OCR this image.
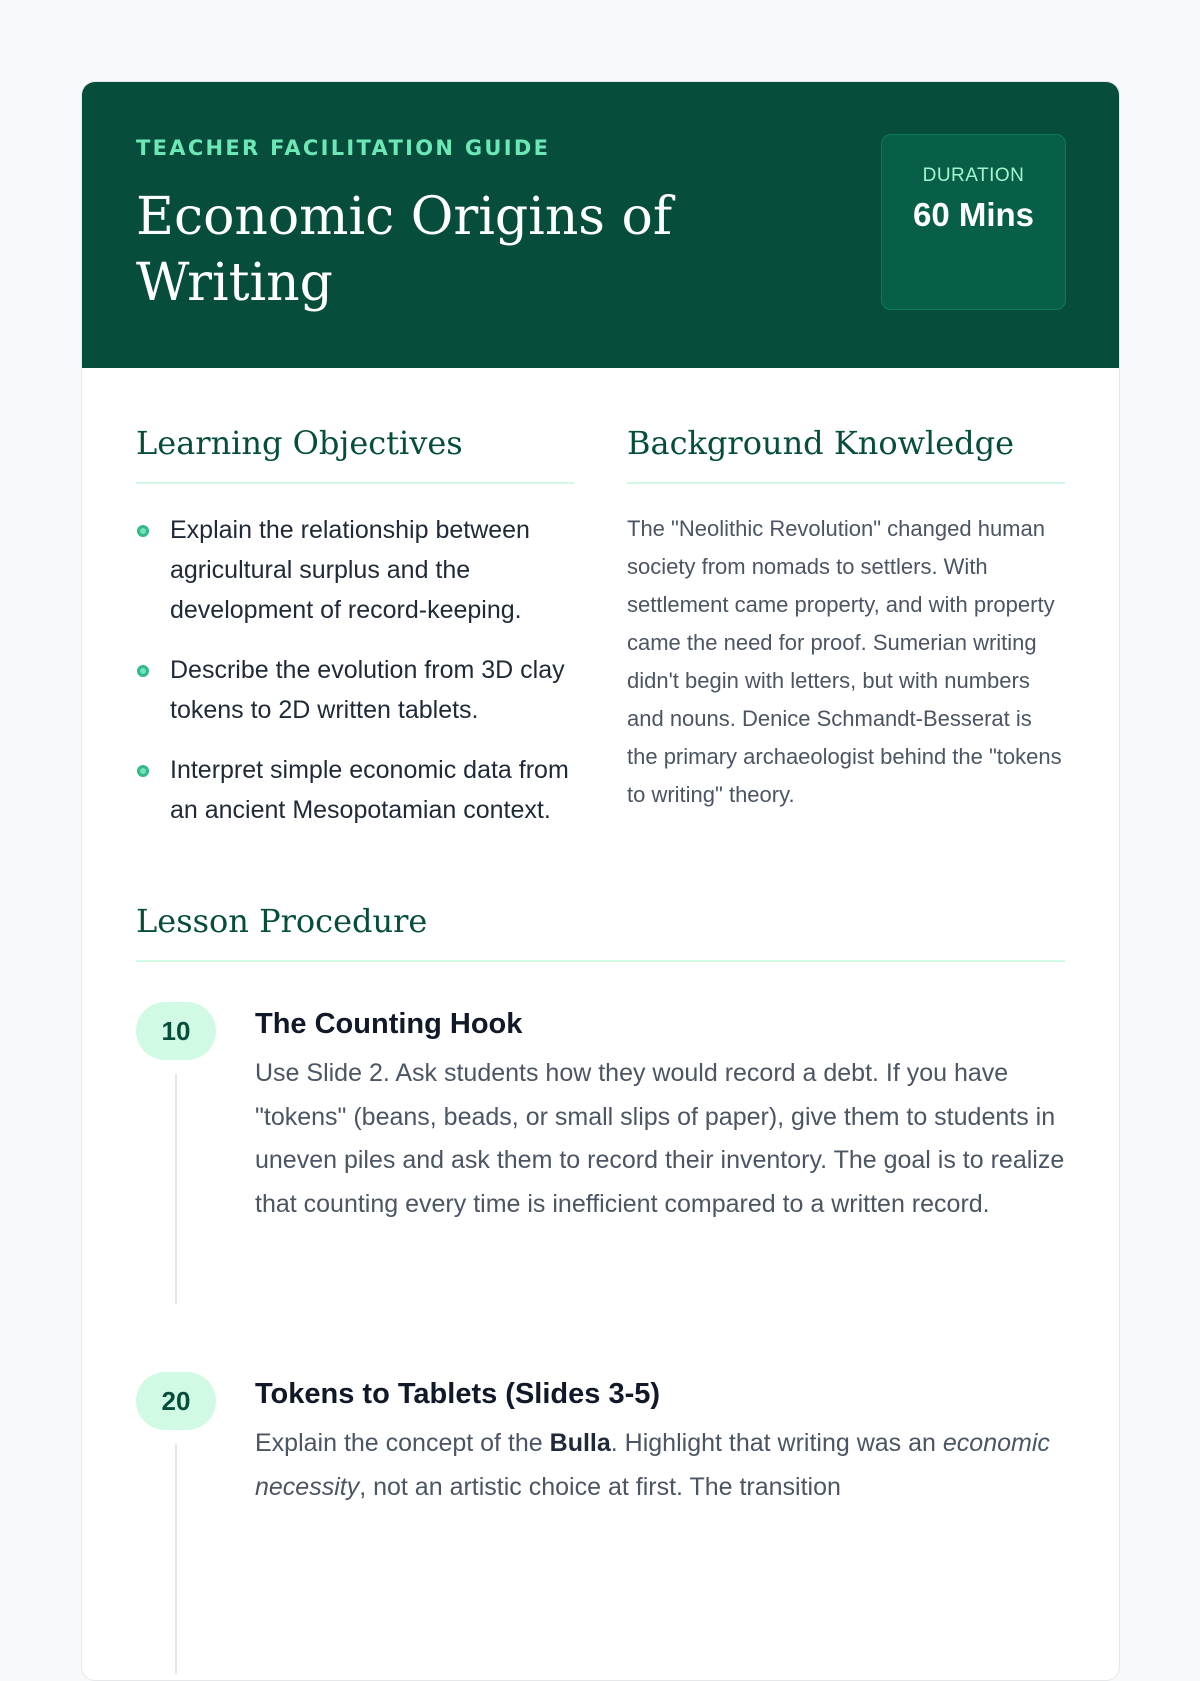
TEACHER FACILITATION GUIDE

Economic Origins of Writing
DURATION
60 Mins
Learning Objectives
Explain the relationship between agricultural surplus and the development of record-keeping.
Describe the evolution from 3D clay tokens to 2D written tablets.
Interpret simple economic data from an ancient Mesopotamian context.
Background Knowledge

The "Neolithic Revolution" changed human society from nomads to settlers. With settlement came property, and with property came the need for proof. Sumerian writing didn't begin with letters, but with numbers and nouns. Denice Schmandt-Besserat is the primary archaeologist behind the "tokens to writing" theory.

Lesson Procedure
10	The Counting Hook

Use Slide 2. Ask students how they would record a debt. If you have "tokens" (beans, beads, or small slips of paper), give them to students in uneven piles and ask them to record their inventory. The goal is to realize that counting every time is inefficient compared to a written record.

20	Tokens to Tablets (Slides 3-5)

Explain the concept of the Bulla. Highlight that writing was an economic necessity, not an artistic choice at first. The transition
